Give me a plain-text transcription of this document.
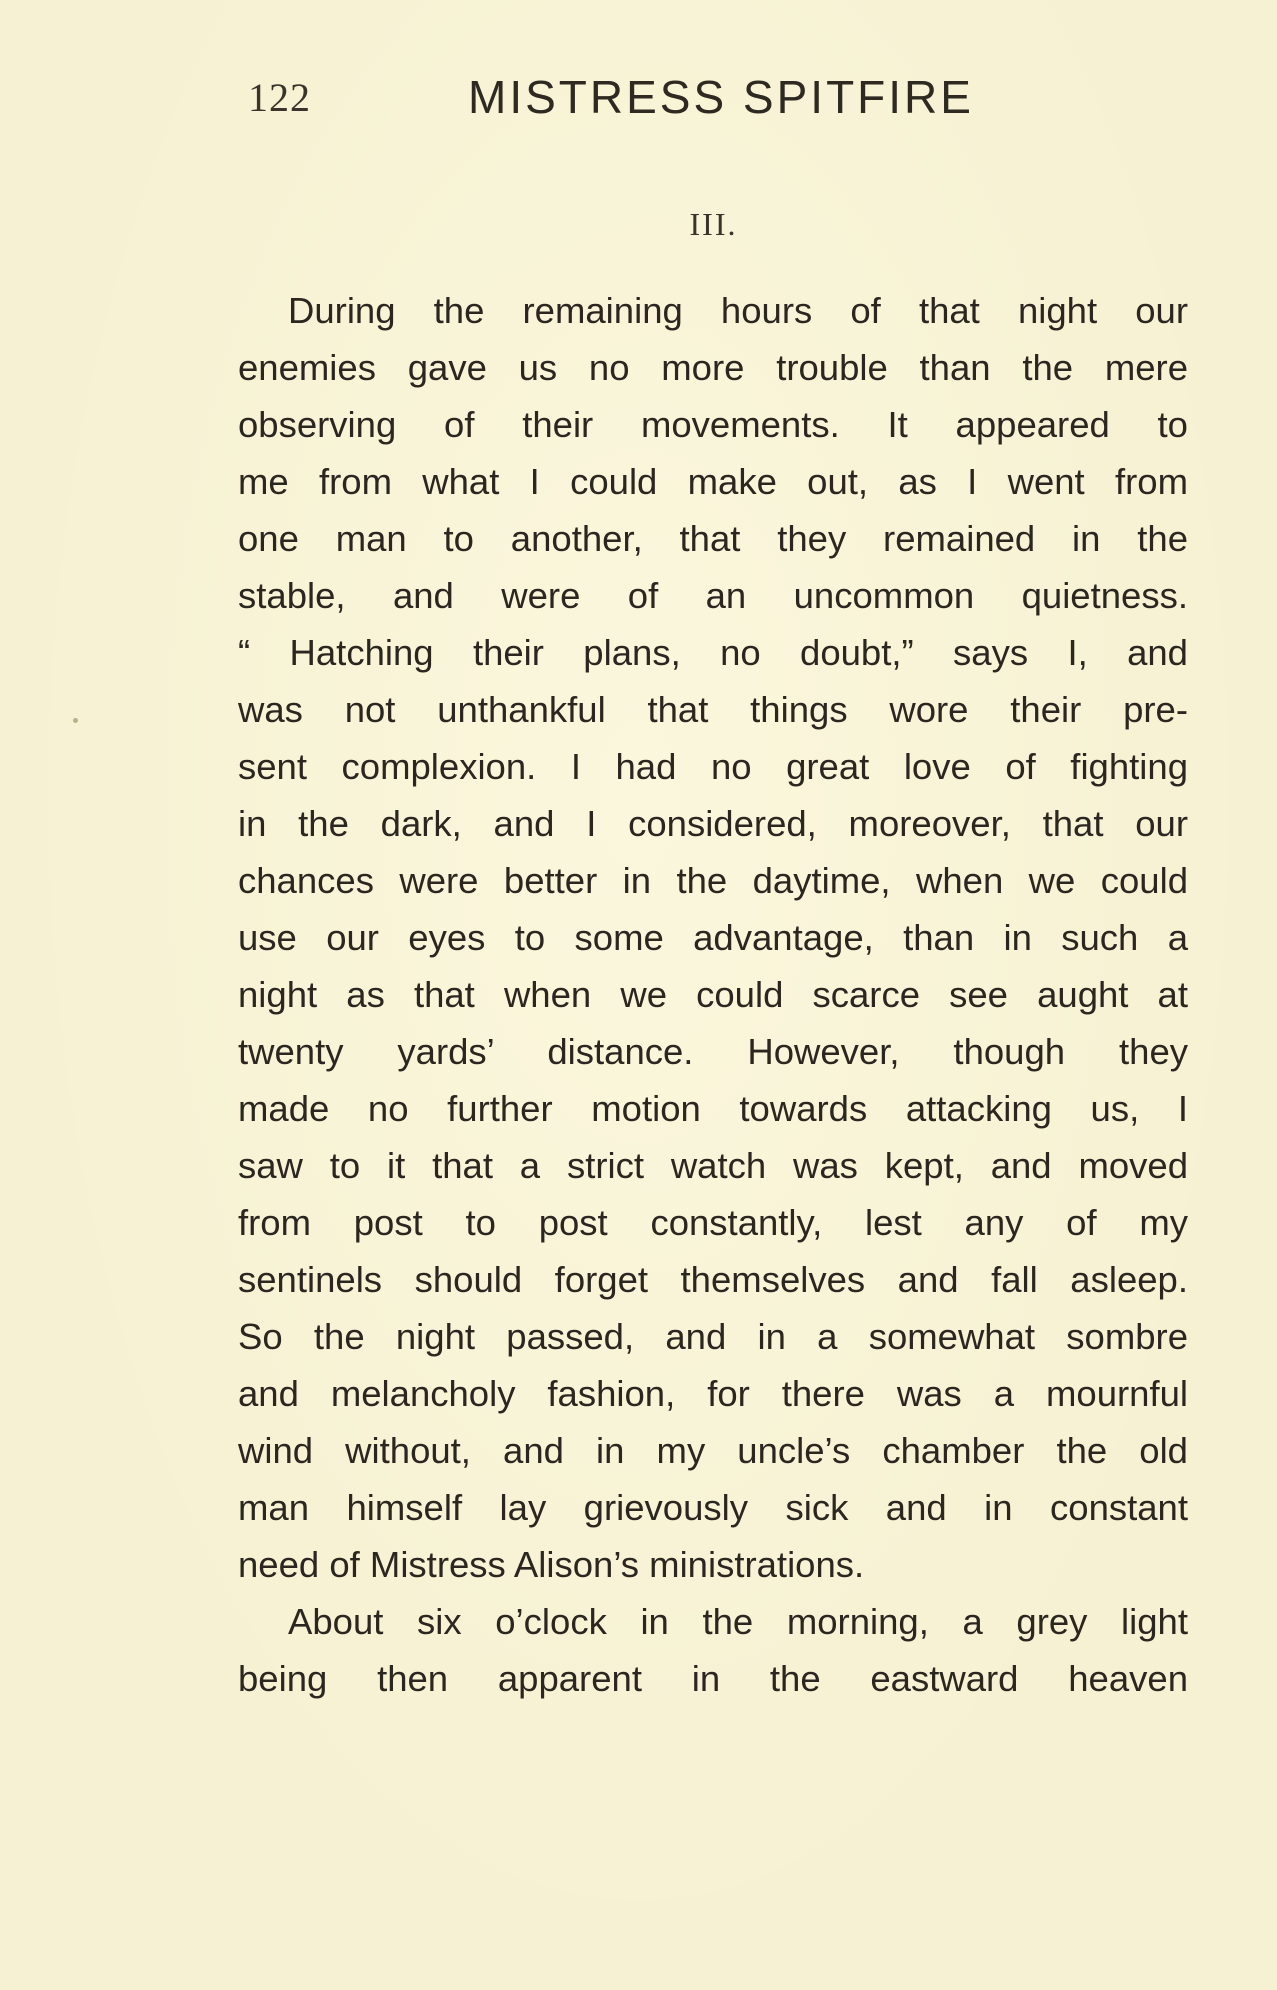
122	MISTRESS SPITFIRE
III.
During the remaining hours of that night our
enemies gave us no more trouble than the mere
observing of their movements. It appeared to
me from what I could make out, as I went from
one man to another, that they remained in the
stable, and were of an uncommon quietness.
“ Hatching their plans, no doubt,” says I, and
was not unthankful that things wore their pre-
sent complexion. I had no great love of fighting
in the dark, and I considered, moreover, that our
chances were better in the daytime, when we could
use our eyes to some advantage, than in such a
night as that when we could scarce see aught at
twenty yards’ distance. However, though they
made no further motion towards attacking us, I
saw to it that a strict watch was kept, and moved
from post to post constantly, lest any of my
sentinels should forget themselves and fall asleep.
So the night passed, and in a somewhat sombre
and melancholy fashion, for there was a mournful
wind without, and in my uncle’s chamber the old
man himself lay grievously sick and in constant
need of Mistress Alison’s ministrations.
About six o’clock in the morning, a grey light
being then apparent in the eastward heaven
